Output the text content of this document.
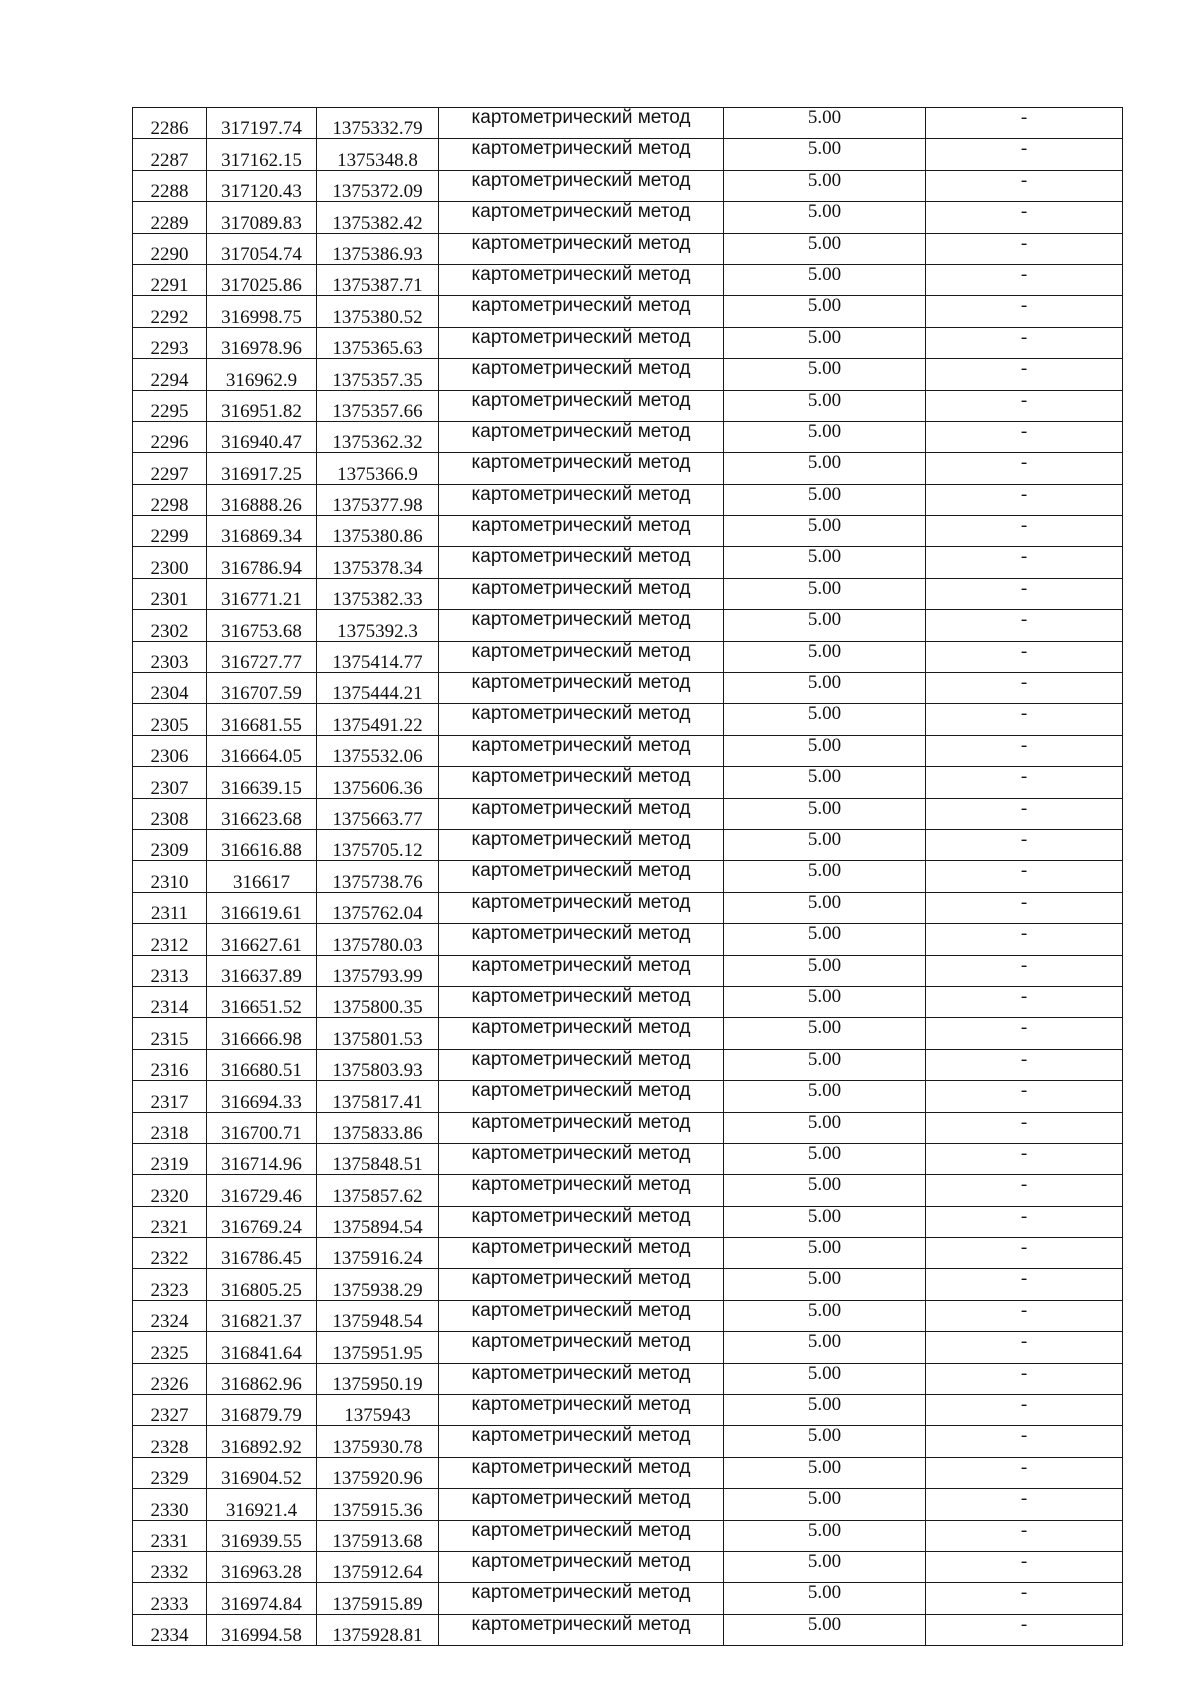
2286	317197.74	1375332.79	картометрический метод	5.00	-
2287	317162.15	1375348.8	картометрический метод	5.00	-
2288	317120.43	1375372.09	картометрический метод	5.00	-
2289	317089.83	1375382.42	картометрический метод	5.00	-
2290	317054.74	1375386.93	картометрический метод	5.00	-
2291	317025.86	1375387.71	картометрический метод	5.00	-
2292	316998.75	1375380.52	картометрический метод	5.00	-
2293	316978.96	1375365.63	картометрический метод	5.00	-
2294	316962.9	1375357.35	картометрический метод	5.00	-
2295	316951.82	1375357.66	картометрический метод	5.00	-
2296	316940.47	1375362.32	картометрический метод	5.00	-
2297	316917.25	1375366.9	картометрический метод	5.00	-
2298	316888.26	1375377.98	картометрический метод	5.00	-
2299	316869.34	1375380.86	картометрический метод	5.00	-
2300	316786.94	1375378.34	картометрический метод	5.00	-
2301	316771.21	1375382.33	картометрический метод	5.00	-
2302	316753.68	1375392.3	картометрический метод	5.00	-
2303	316727.77	1375414.77	картометрический метод	5.00	-
2304	316707.59	1375444.21	картометрический метод	5.00	-
2305	316681.55	1375491.22	картометрический метод	5.00	-
2306	316664.05	1375532.06	картометрический метод	5.00	-
2307	316639.15	1375606.36	картометрический метод	5.00	-
2308	316623.68	1375663.77	картометрический метод	5.00	-
2309	316616.88	1375705.12	картометрический метод	5.00	-
2310	316617	1375738.76	картометрический метод	5.00	-
2311	316619.61	1375762.04	картометрический метод	5.00	-
2312	316627.61	1375780.03	картометрический метод	5.00	-
2313	316637.89	1375793.99	картометрический метод	5.00	-
2314	316651.52	1375800.35	картометрический метод	5.00	-
2315	316666.98	1375801.53	картометрический метод	5.00	-
2316	316680.51	1375803.93	картометрический метод	5.00	-
2317	316694.33	1375817.41	картометрический метод	5.00	-
2318	316700.71	1375833.86	картометрический метод	5.00	-
2319	316714.96	1375848.51	картометрический метод	5.00	-
2320	316729.46	1375857.62	картометрический метод	5.00	-
2321	316769.24	1375894.54	картометрический метод	5.00	-
2322	316786.45	1375916.24	картометрический метод	5.00	-
2323	316805.25	1375938.29	картометрический метод	5.00	-
2324	316821.37	1375948.54	картометрический метод	5.00	-
2325	316841.64	1375951.95	картометрический метод	5.00	-
2326	316862.96	1375950.19	картометрический метод	5.00	-
2327	316879.79	1375943	картометрический метод	5.00	-
2328	316892.92	1375930.78	картометрический метод	5.00	-
2329	316904.52	1375920.96	картометрический метод	5.00	-
2330	316921.4	1375915.36	картометрический метод	5.00	-
2331	316939.55	1375913.68	картометрический метод	5.00	-
2332	316963.28	1375912.64	картометрический метод	5.00	-
2333	316974.84	1375915.89	картометрический метод	5.00	-
2334	316994.58	1375928.81	картометрический метод	5.00	-
